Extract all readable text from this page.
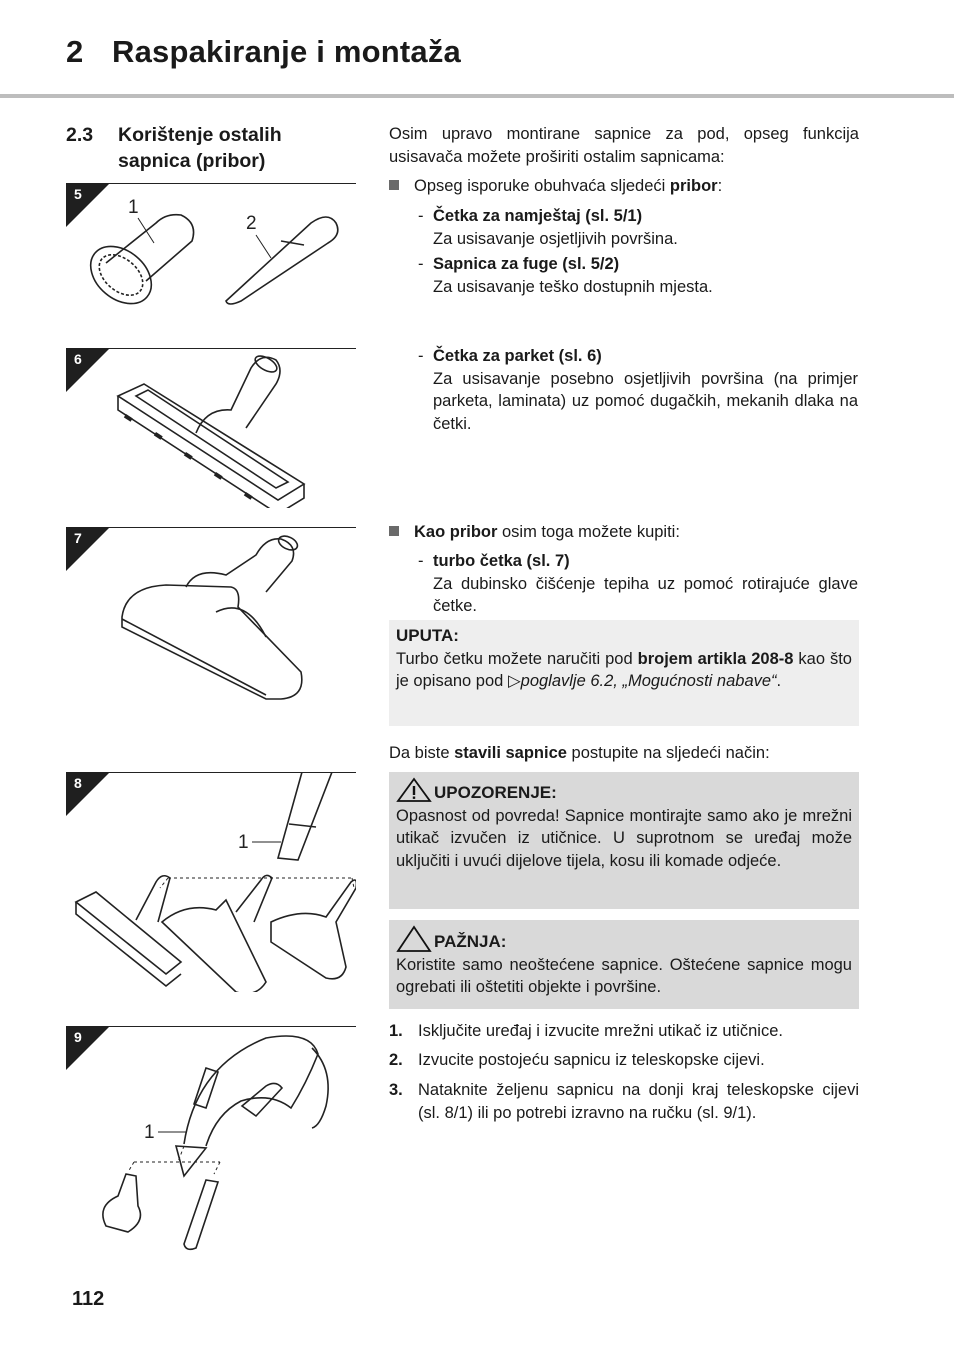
2 Raspakiranje i montaža
2.3 Korištenje ostalih sapnica (pribor)
5
1
2
6
7
8
1
9
1
Osim upravo montirane sapnice za pod, opseg funkcija usisavača možete proširiti ostalim sapnicama:
Opseg isporuke obuhvaća sljedeći pribor:
- Četka za namještaj (sl. 5/1)
Za usisavanje osjetljivih površina.
- Sapnica za fuge (sl. 5/2)
Za usisavanje teško dostupnih mjesta.
- Četka za parket (sl. 6)
Za usisavanje posebno osjetljivih površina (na primjer parketa, laminata) uz pomoć dugačkih, mekanih dlaka na četki.
Kao pribor osim toga možete kupiti:
- turbo četka (sl. 7)
Za dubinsko čišćenje tepiha uz pomoć rotirajuće glave četke.
UPUTA:
Turbo četku možete naručiti pod brojem artikla 208-8 kao što je opisano pod ▷poglavlje 6.2, „Mogućnosti nabave“.
Da biste stavili sapnice postupite na sljedeći način:
UPOZORENJE:
Opasnost od povreda! Sapnice montirajte samo ako je mrežni utikač izvučen iz utičnice. U suprotnom se uređaj može uključiti i uvući dijelove tijela, kosu ili komade odjeće.
PAŽNJA:
Koristite samo neoštećene sapnice. Oštećene sapnice mogu ogrebati ili oštetiti objekte i površine.
1. Isključite uređaj i izvucite mrežni utikač iz utičnice.
2. Izvucite postojeću sapnicu iz teleskopske cijevi.
3. Nataknite željenu sapnicu na donji kraj teleskopske cijevi (sl. 8/1) ili po potrebi izravno na ručku (sl. 9/1).
112
